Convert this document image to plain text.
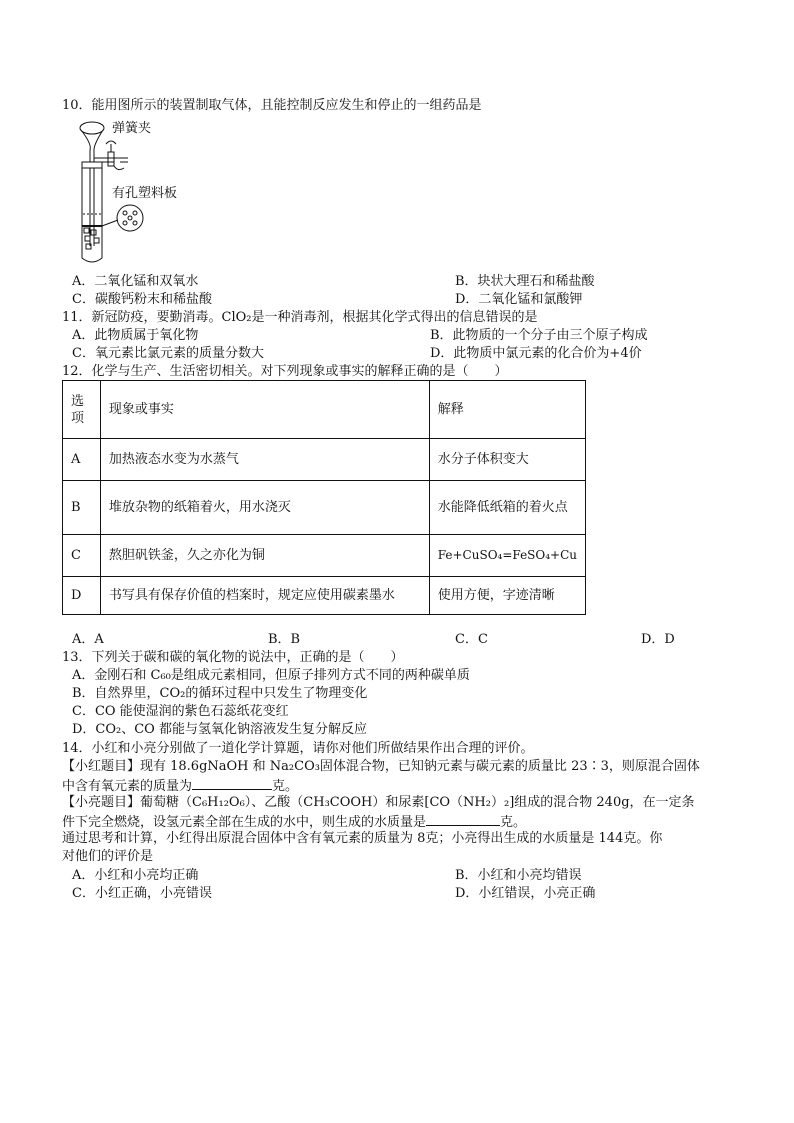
10．能用图所示的装置制取气体，且能控制反应发生和停止的一组药品是
弹簧夹
有孔塑料板
A．二氧化锰和双氧水	B．块状大理石和稀盐酸
C．碳酸钙粉末和稀盐酸	D．二氧化锰和氯酸钾
11．新冠防疫，要勤消毒。ClO₂是一种消毒剂，根据其化学式得出的信息错误的是
A．此物质属于氧化物	B．此物质的一个分子由三个原子构成
C．氧元素比氯元素的质量分数大	D．此物质中氯元素的化合价为+4价
12．化学与生产、生活密切相关。对下列现象或事实的解释正确的是（　　）
选项	现象或事实	解释
A	加热液态水变为水蒸气	水分子体积变大
B	堆放杂物的纸箱着火，用水浇灭	水能降低纸箱的着火点
C	熬胆矾铁釜，久之亦化为铜	Fe+CuSO₄=FeSO₄+Cu
D	书写具有保存价值的档案时，规定应使用碳素墨水	使用方便，字迹清晰
A．A	B．B	C．C	D．D
13．下列关于碳和碳的氧化物的说法中，正确的是（　　）
A．金刚石和 C₆₀是组成元素相同，但原子排列方式不同的两种碳单质
B．自然界里，CO₂的循环过程中只发生了物理变化
C．CO 能使湿润的紫色石蕊纸花变红
D．CO₂、CO 都能与氢氧化钠溶液发生复分解反应
14．小红和小亮分别做了一道化学计算题，请你对他们所做结果作出合理的评价。
【小红题目】现有 18.6gNaOH 和 Na₂CO₃固体混合物，已知钠元素与碳元素的质量比 23∶3，则原混合固体
中含有氧元素的质量为	克。
【小亮题目】葡萄糖（C₆H₁₂O₆）、乙酸（CH₃COOH）和尿素[CO（NH₂）₂]组成的混合物 240g，在一定条
件下完全燃烧，设氢元素全部在生成的水中，则生成的水质量是	克。
通过思考和计算，小红得出原混合固体中含有氧元素的质量为 8克；小亮得出生成的水质量是 144克。你
对他们的评价是
A．小红和小亮均正确	B．小红和小亮均错误
C．小红正确，小亮错误	D．小红错误，小亮正确
